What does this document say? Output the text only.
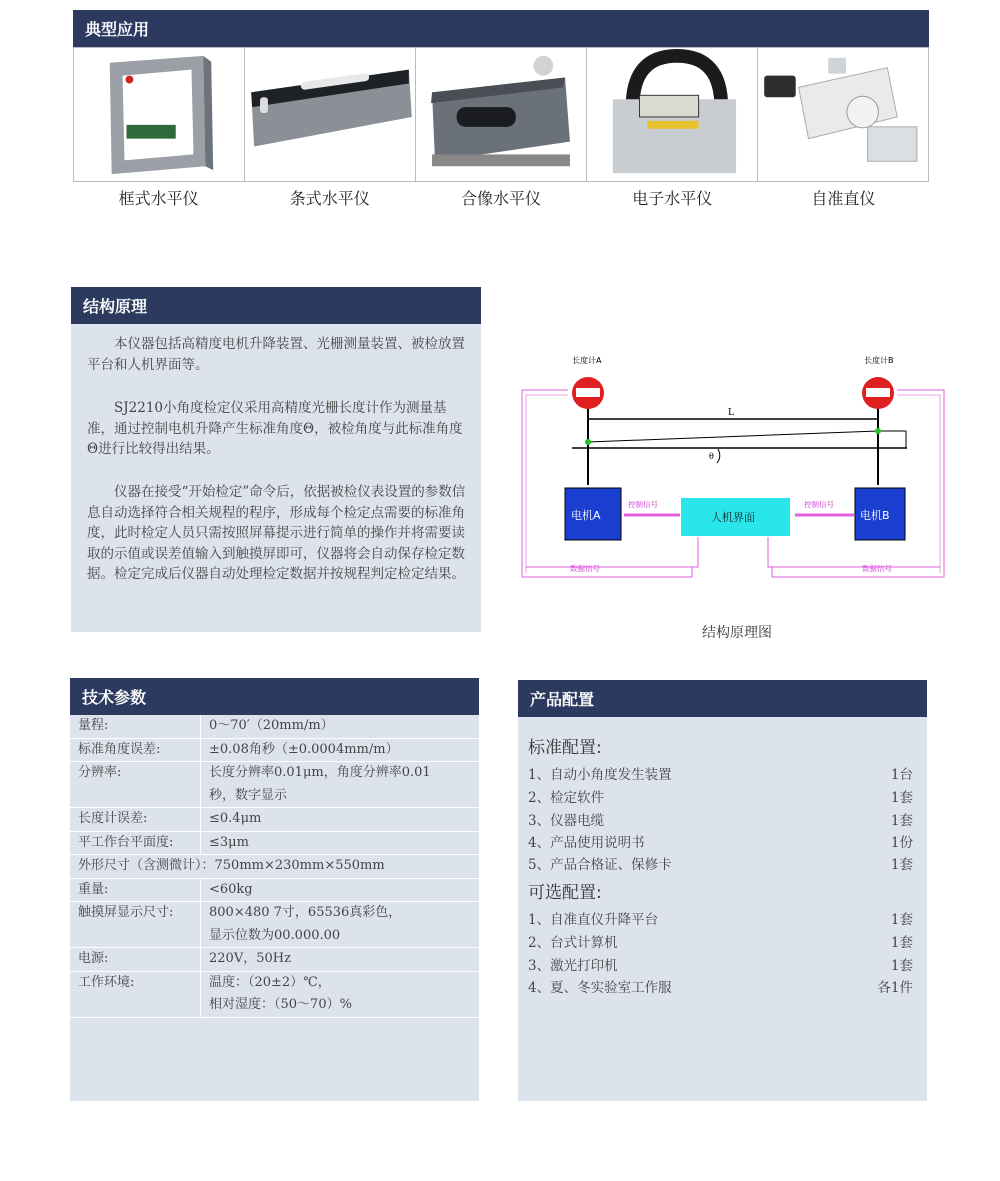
典型应用
框式水平仪	条式水平仪	合像水平仪	电子水平仪	自准直仪
结构原理

本仪器包括高精度电机升降装置、光栅测量装置、被检放置平台和人机界面等。

SJ2210小角度检定仪采用高精度光栅长度计作为测量基准，通过控制电机升降产生标准角度Θ，被检角度与此标准角度Θ进行比较得出结果。

仪器在接受“开始检定”命令后，依据被检仪表设置的参数信息自动选择符合相关规程的程序，形成每个检定点需要的标准角度，此时检定人员只需按照屏幕提示进行简单的操作并将需要读取的示值或误差值输入到触摸屏即可，仪器将会自动保存检定数据。检定完成后仪器自动处理检定数据并按规程判定检定结果。

L
θ
长度计A	长度计B
电机A	电机B
人机界面
控制信号	控制信号
数据信号	数据信号
结构原理图
技术参数
量程:	0～70′（20mm/m）
标准角度误差:	±0.08角秒（±0.0004mm/m）
分辨率:	长度分辨率0.01μm，角度分辨率0.01
秒，数字显示
长度计误差:	≤0.4μm
平工作台平面度:	≤3μm
外形尺寸（含测微计）：750mm×230mm×550mm	
重量:	<60kg
触摸屏显示尺寸:	800×480 7寸，65536真彩色，
显示位数为00.000.00
电源:	220V，50Hz
工作环境:	温度：（20±2）℃，
相对湿度：（50～70）%
产品配置
标准配置:
1、自动小角度发生装置	1台
2、检定软件	1套
3、仪器电缆	1套
4、产品使用说明书	1份
5、产品合格证、保修卡	1套
可选配置:
1、自准直仪升降平台	1套
2、台式计算机	1套
3、激光打印机	1套
4、夏、冬实验室工作服	各1件
